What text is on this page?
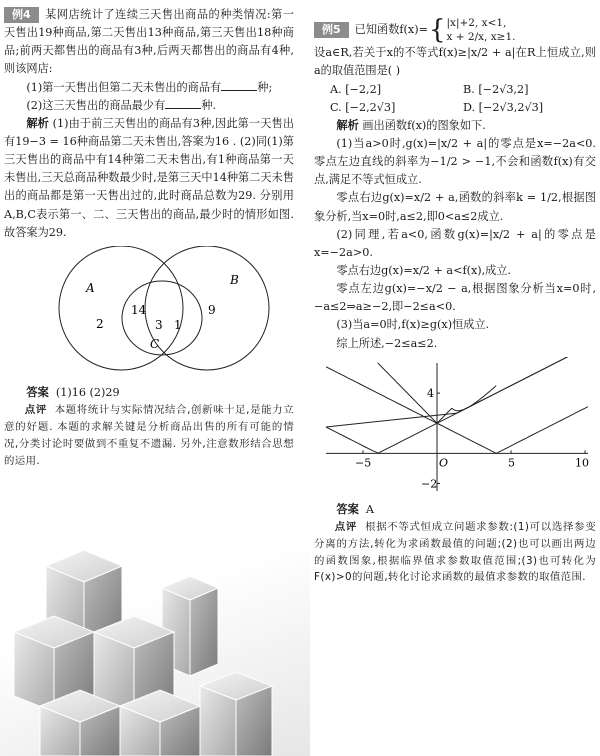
例4 某网店统计了连续三天售出商品的种类情况:第一天售出19种商品,第二天售出13种商品,第三天售出18种商品;前两天都售出的商品有3种,后两天都售出的商品有4种,则该网店:

(1)第一天售出但第二天未售出的商品有	种;

(2)这三天售出的商品最少有	种.

解析 (1)由于前三天售出的商品有3种,因此第一天售出有19−3 = 16种商品第二天未售出,答案为16 . (2)同(1)第三天售出的商品中有14种第二天未售出,有1种商品第一天未售出,三天总商品种数最少时,是第三天中14种第二天未售出的商品都是第一天售出过的,此时商品总数为29. 分别用A,B,C表示第一、二、三天售出的商品,最少时的情形如图. 故答案为29.

A
B
C
2
14
3 1
9

答案 (1)16 (2)29

点评 本题将统计与实际情况结合,创新味十足,是能力立意的好题. 本题的求解关键是分析商品出售的所有可能的情况,分类讨论时要做到不重复不遗漏. 另外,注意数形结合思想的运用.

例5	已知函数f(x)= { |x|+2, x<1,
x + 2/x, x≥1.

设a∈R,若关于x的不等式f(x)≥|x/2 + a|在R上恒成立,则a的取值范围是( )

A. [−2,2]	B. [−2√3,2]
C. [−2,2√3]	D. [−2√3,2√3]

解析 画出函数f(x)的图象如下.

(1)当a>0时,g(x)=|x/2 + a|的零点是x=−2a<0. 零点左边直线的斜率为−1/2 > −1,不会和函数f(x)有交点,满足不等式恒成立.

零点右边g(x)=x/2 + a,函数的斜率k = 1/2,根据图象分析,当x=0时,a≤2,即0<a≤2成立.

(2)同理,若a<0,函数g(x)=|x/2 + a|的零点是x=−2a>0.

零点右边g(x)=x/2 + a<f(x),成立.

零点左边g(x)=−x/2 − a,根据图象分析当x=0时,−a≤2⇒a≥−2,即−2≤a<0.

(3)当a=0时,f(x)≥g(x)恒成立.

综上所述,−2≤a≤2.

−5	O	5	10
4
−2

答案 A

点评 根据不等式恒成立问题求参数:(1)可以选择参变分离的方法,转化为求函数最值的问题;(2)也可以画出两边的函数图象,根据临界值求参数取值范围;(3)也可转化为F(x)>0的问题,转化讨论求函数的最值求参数的取值范围.
